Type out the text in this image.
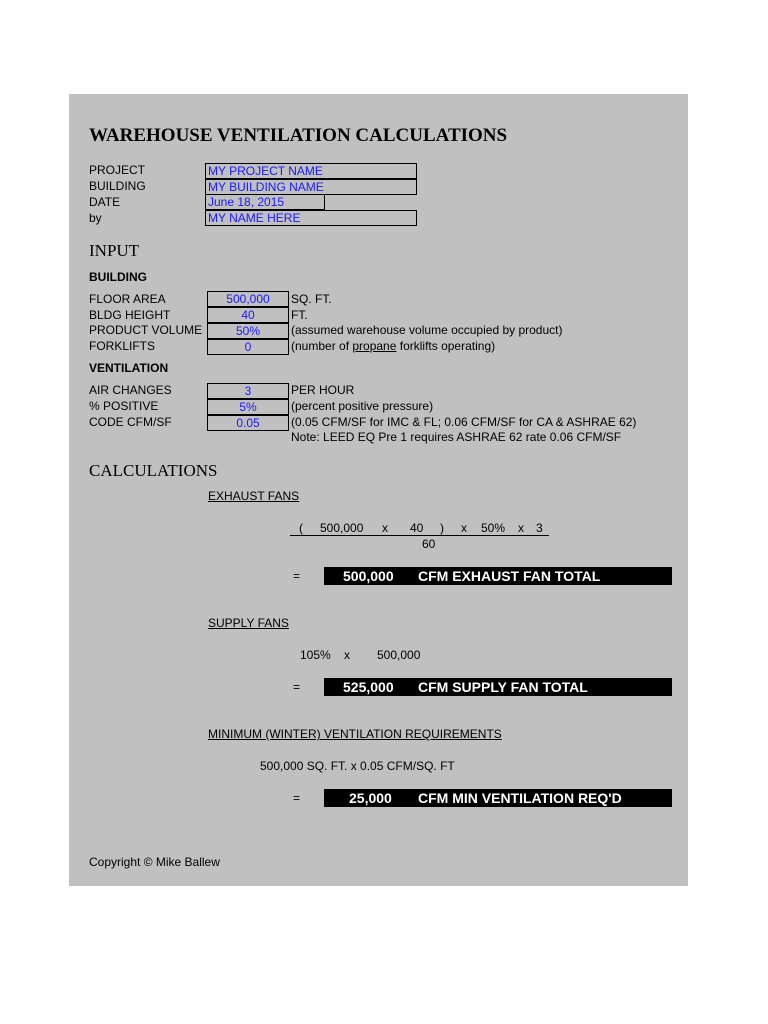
WAREHOUSE VENTILATION CALCULATIONS
PROJECT	MY PROJECT NAME
BUILDING	MY BUILDING NAME
DATE	June 18, 2015
by	MY NAME HERE
INPUT
BUILDING
FLOOR AREA	500,000	SQ. FT.
BLDG HEIGHT	40	FT.
PRODUCT VOLUME	50%	(assumed warehouse volume occupied by product)
FORKLIFTS	0	(number of propane forklifts operating)
VENTILATION
AIR CHANGES	3	PER HOUR
% POSITIVE	5%	(percent positive pressure)
CODE CFM/SF	0.05	(0.05 CFM/SF for IMC & FL; 0.06 CFM/SF for CA & ASHRAE 62)
Note: LEED EQ Pre 1 requires ASHRAE 62 rate 0.06 CFM/SF
CALCULATIONS
EXHAUST FANS
( 500,000 x 40 ) x 50% x 3
60
=	500,000 CFM EXHAUST FAN TOTAL
SUPPLY FANS
105% x 500,000
=	525,000 CFM SUPPLY FAN TOTAL
MINIMUM (WINTER) VENTILATION REQUIREMENTS
500,000 SQ. FT. x 0.05 CFM/SQ. FT
=	25,000 CFM MIN VENTILATION REQ'D
Copyright © Mike Ballew
